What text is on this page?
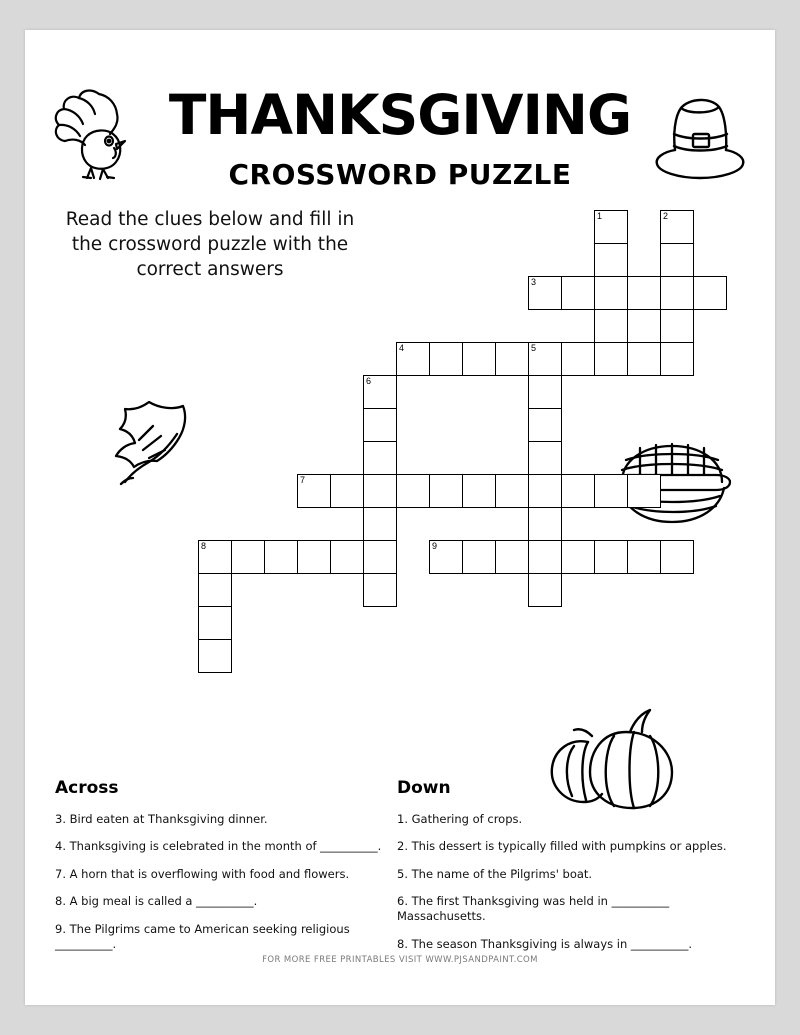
THANKSGIVING
CROSSWORD PUZZLE
Read the clues below and fill in the crossword puzzle with the correct answers
1	2
3
4	5
6
7
8	9
Across
3. Bird eaten at Thanksgiving dinner.
4. Thanksgiving is celebrated in the month of __________.
7. A horn that is overflowing with food and flowers.
8. A big meal is called a __________.
9. The Pilgrims came to American seeking religious __________.
Down
1. Gathering of crops.
2. This dessert is typically filled with pumpkins or apples.
5. The name of the Pilgrims' boat.
6. The first Thanksgiving was held in __________ Massachusetts.
8. The season Thanksgiving is always in __________.
FOR MORE FREE PRINTABLES VISIT WWW.PJSANDPAINT.COM
